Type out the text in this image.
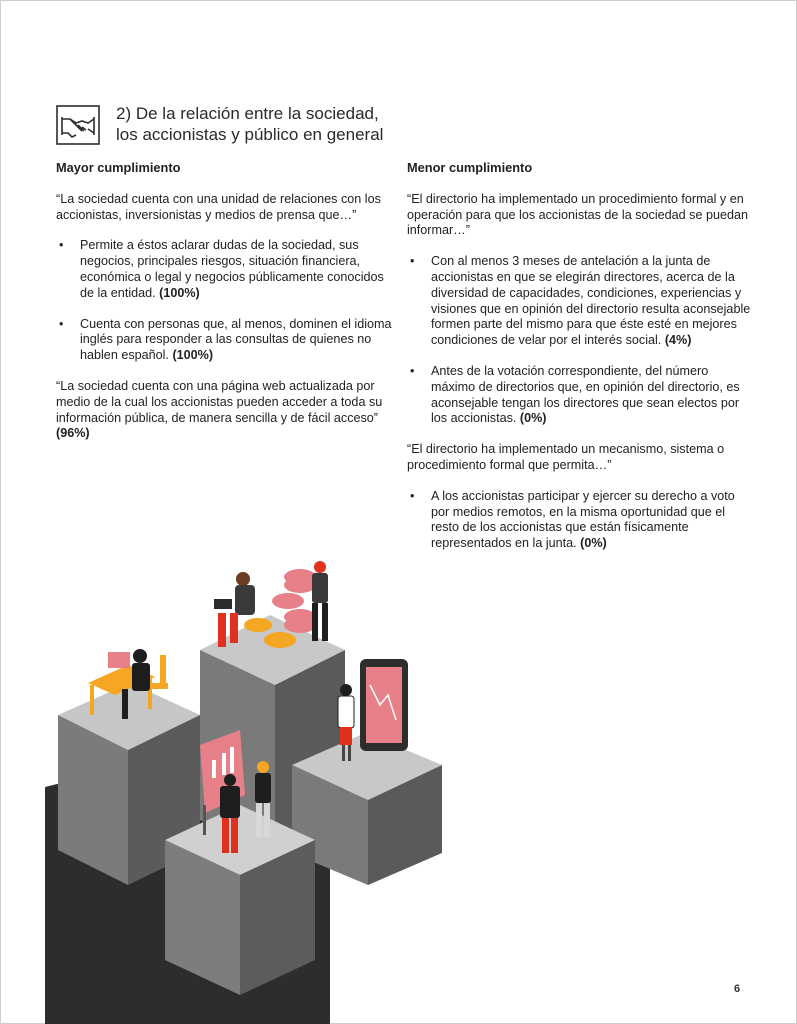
2) De la relación entre la sociedad,
los accionistas y público en general
Mayor cumplimiento

“La sociedad cuenta con una unidad de relaciones con los accionistas, inversionistas y medios de prensa que…”

• Permite a éstos aclarar dudas de la sociedad, sus negocios, principales riesgos, situación financiera, económica o legal y negocios públicamente conocidos de la entidad. (100%)
• Cuenta con personas que, al menos, dominen el idioma inglés para responder a las consultas de quienes no hablen español. (100%)

“La sociedad cuenta con una página web actualizada por medio de la cual los accionistas pueden acceder a toda su información pública, de manera sencilla y de fácil acceso” (96%)

Menor cumplimiento

“El directorio ha implementado un procedimiento formal y en operación para que los accionistas de la sociedad se puedan informar…”

• Con al menos 3 meses de antelación a la junta de accionistas en que se elegirán directores, acerca de la diversidad de capacidades, condiciones, experiencias y visiones que en opinión del directorio resulta aconsejable formen parte del mismo para que éste esté en mejores condiciones de velar por el interés social. (4%)
• Antes de la votación correspondiente, del número máximo de directorios que, en opinión del directorio, es aconsejable tengan los directores que sean electos por los accionistas. (0%)

“El directorio ha implementado un mecanismo, sistema o procedimiento formal que permita…”

• A los accionistas participar y ejercer su derecho a voto por medios remotos, en la misma oportunidad que el resto de los accionistas que están físicamente representados en la junta. (0%)
6
